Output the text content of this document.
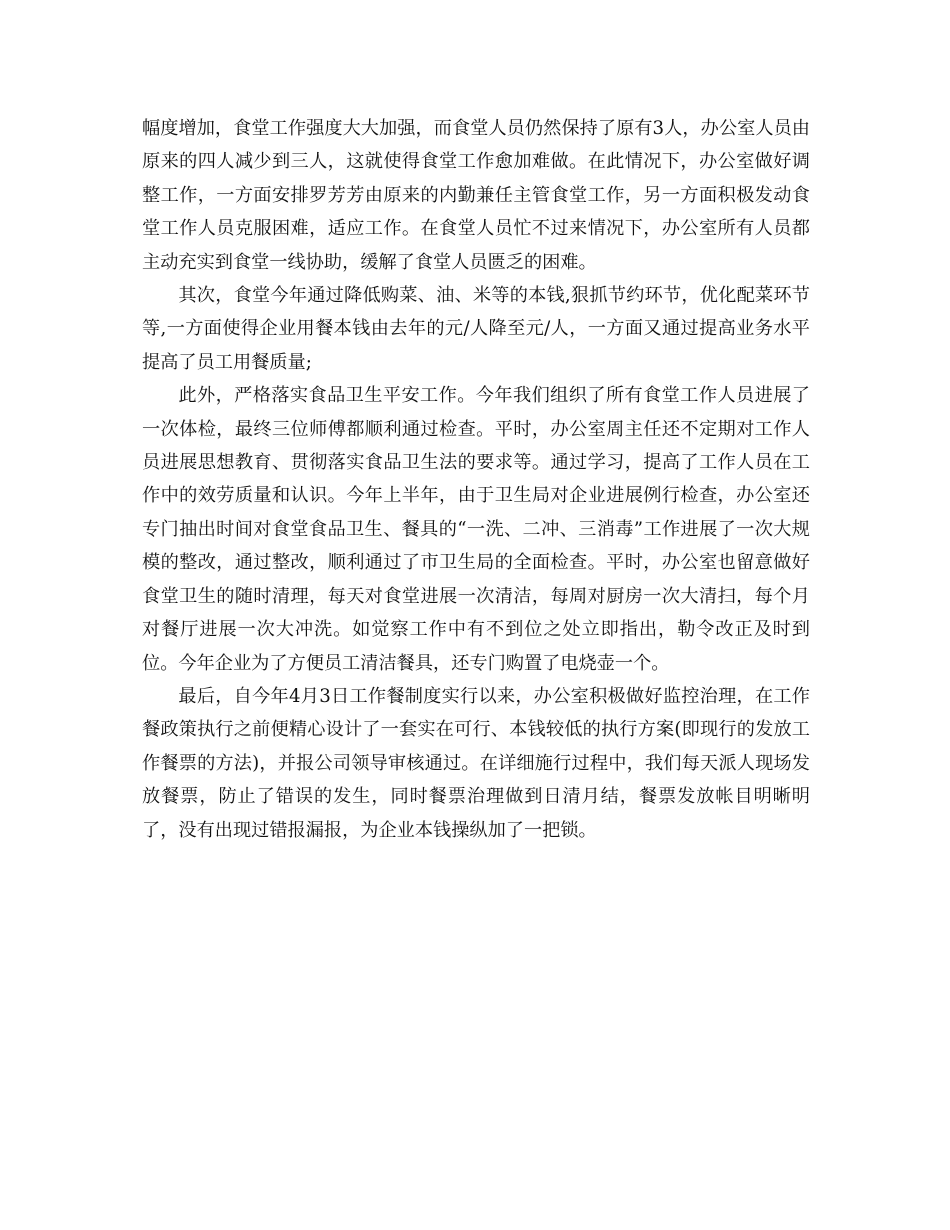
幅度增加，食堂工作强度大大加强，而食堂人员仍然保持了原有3人，办公室人员由原来的四人减少到三人，这就使得食堂工作愈加难做。在此情况下，办公室做好调整工作，一方面安排罗芳芳由原来的内勤兼任主管食堂工作，另一方面积极发动食堂工作人员克服困难，适应工作。在食堂人员忙不过来情况下，办公室所有人员都主动充实到食堂一线协助，缓解了食堂人员匮乏的困难。

其次，食堂今年通过降低购菜、油、米等的本钱,狠抓节约环节，优化配菜环节等,一方面使得企业用餐本钱由去年的元/人降至元/人，一方面又通过提高业务水平提高了员工用餐质量;

此外，严格落实食品卫生平安工作。今年我们组织了所有食堂工作人员进展了一次体检，最终三位师傅都顺利通过检查。平时，办公室周主任还不定期对工作人员进展思想教育、贯彻落实食品卫生法的要求等。通过学习，提高了工作人员在工作中的效劳质量和认识。今年上半年，由于卫生局对企业进展例行检查，办公室还专门抽出时间对食堂食品卫生、餐具的“一洗、二冲、三消毒”工作进展了一次大规模的整改，通过整改，顺利通过了市卫生局的全面检查。平时，办公室也留意做好食堂卫生的随时清理，每天对食堂进展一次清洁，每周对厨房一次大清扫，每个月对餐厅进展一次大冲洗。如觉察工作中有不到位之处立即指出，勒令改正及时到位。今年企业为了方便员工清洁餐具，还专门购置了电烧壶一个。

最后，自今年4月3日工作餐制度实行以来，办公室积极做好监控治理，在工作餐政策执行之前便精心设计了一套实在可行、本钱较低的执行方案(即现行的发放工作餐票的方法)，并报公司领导审核通过。在详细施行过程中，我们每天派人现场发放餐票，防止了错误的发生，同时餐票治理做到日清月结，餐票发放帐目明晰明了，没有出现过错报漏报，为企业本钱操纵加了一把锁。
